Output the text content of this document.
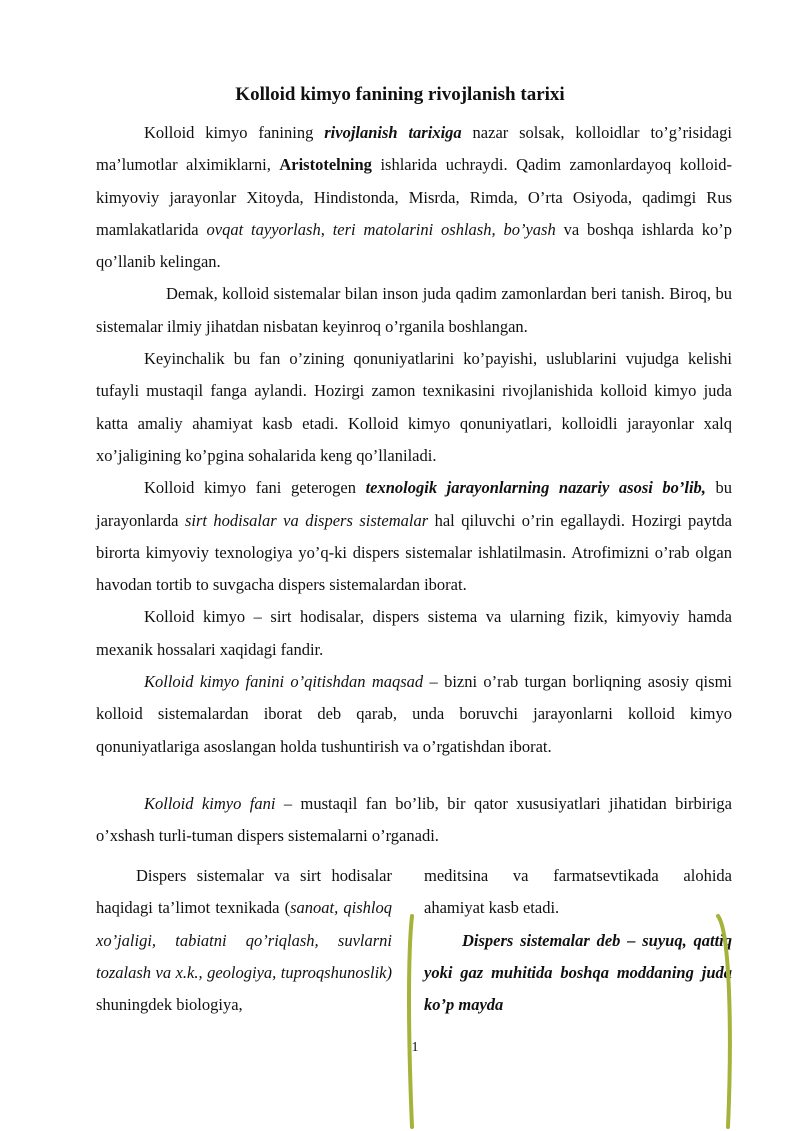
Kolloid kimyo fanining rivojlanish tarixi

Kolloid kimyo fanining rivojlanish tarixiga nazar solsak, kolloidlar to’g’risidagi ma’lumotlar alximiklarni, Aristotelning ishlarida uchraydi. Qadim zamonlardayoq kolloid-kimyoviy jarayonlar Xitoyda, Hindistonda, Misrda, Rimda, O’rta Osiyoda, qadimgi Rus mamlakatlarida ovqat tayyorlash, teri matolarini oshlash, bo’yash va boshqa ishlarda ko’p qo’llanib kelingan.

Demak, kolloid sistemalar bilan inson juda qadim zamonlardan beri tanish. Biroq, bu sistemalar ilmiy jihatdan nisbatan keyinroq o’rganila boshlangan.

Keyinchalik bu fan o’zining qonuniyatlarini ko’payishi, uslublarini vujudga kelishi tufayli mustaqil fanga aylandi. Hozirgi zamon texnikasini rivojlanishida kolloid kimyo juda katta amaliy ahamiyat kasb etadi. Kolloid kimyo qonuniyatlari, kolloidli jarayonlar xalq xo’jaligining ko’pgina sohalarida keng qo’llaniladi.

Kolloid kimyo fani geterogen texnologik jarayonlarning nazariy asosi bo’lib, bu jarayonlarda sirt hodisalar va dispers sistemalar hal qiluvchi o’rin egallaydi. Hozirgi paytda birorta kimyoviy texnologiya yo’q-ki dispers sistemalar ishlatilmasin. Atrofimizni o’rab olgan havodan tortib to suvgacha dispers sistemalardan iborat.

Kolloid kimyo – sirt hodisalar, dispers sistema va ularning fizik, kimyoviy hamda mexanik hossalari xaqidagi fandir.

Kolloid kimyo fanini o’qitishdan maqsad – bizni o’rab turgan borliqning asosiy qismi kolloid sistemalardan iborat deb qarab, unda boruvchi jarayonlarni kolloid kimyo qonuniyatlariga asoslangan holda tushuntirish va o’rgatishdan iborat.

Kolloid kimyo fani – mustaqil fan bo’lib, bir qator xususiyatlari jihatidan birbiriga o’xshash turli-tuman dispers sistemalarni o’rganadi.

Dispers sistemalar va sirt hodisalar haqidagi ta’limot texnikada (sanoat, qishloq xo’jaligi, tabiatni qo’riqlash, suvlarni tozalash va x.k., geologiya, tuproqshunoslik) shuningdek biologiya,

meditsina va farmatsevtikada alohida ahamiyat kasb etadi.

Dispers sistemalar deb – suyuq, qattiq yoki gaz muhitida boshqa moddaning juda ko’p mayda

1
